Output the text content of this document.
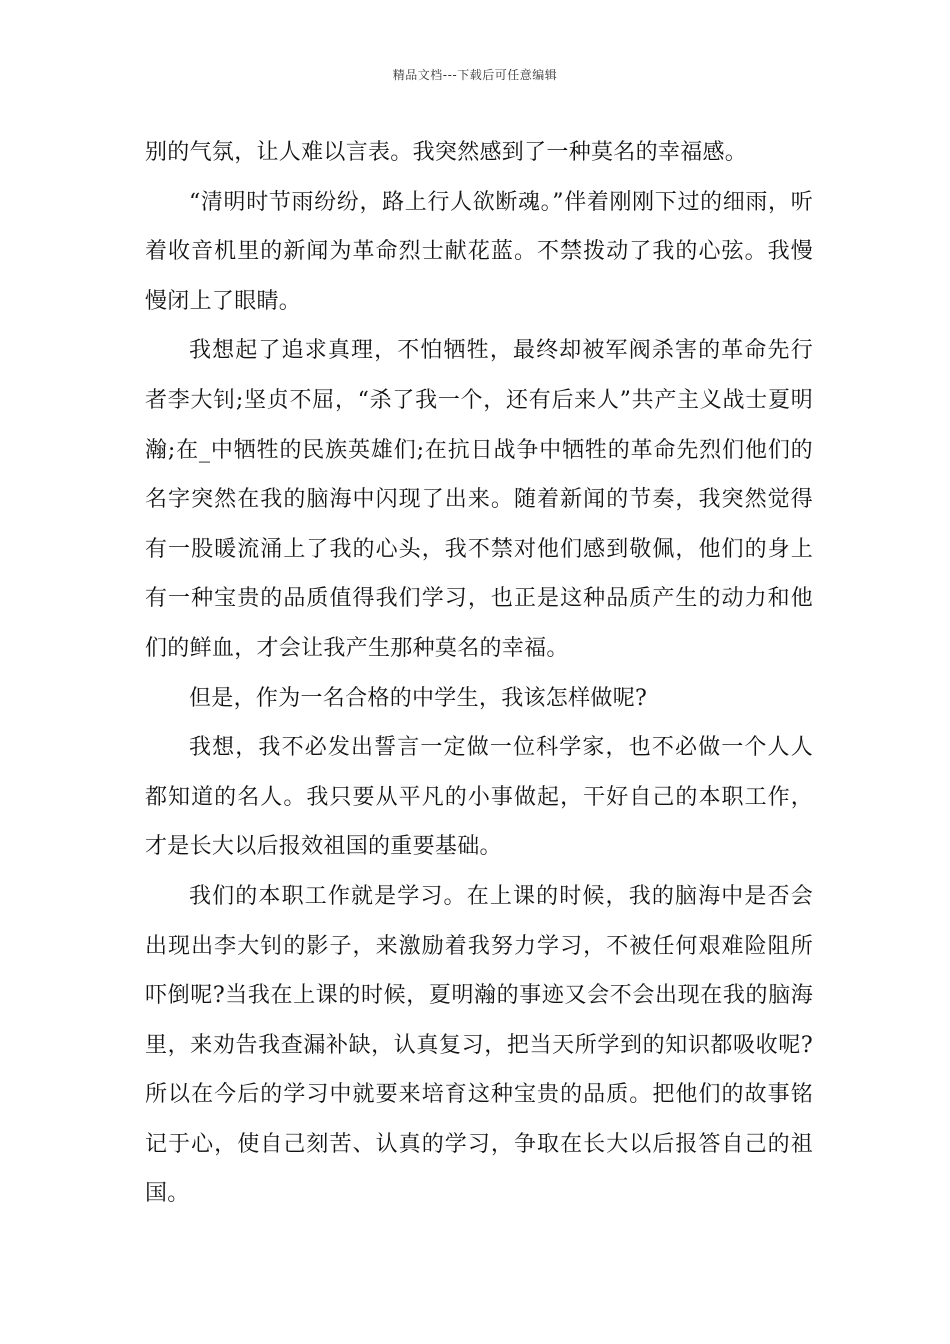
精品文档---下载后可任意编辑

别的气氛，让人难以言表。我突然感到了一种莫名的幸福感。

“清明时节雨纷纷，路上行人欲断魂。”伴着刚刚下过的细雨，听着收音机里的新闻为革命烈士献花蓝。不禁拨动了我的心弦。我慢慢闭上了眼睛。

我想起了追求真理，不怕牺牲，最终却被军阀杀害的革命先行者李大钊;坚贞不屈，“杀了我一个，还有后来人”共产主义战士夏明瀚;在_中牺牲的民族英雄们;在抗日战争中牺牲的革命先烈们他们的名字突然在我的脑海中闪现了出来。随着新闻的节奏，我突然觉得有一股暖流涌上了我的心头，我不禁对他们感到敬佩，他们的身上有一种宝贵的品质值得我们学习，也正是这种品质产生的动力和他们的鲜血，才会让我产生那种莫名的幸福。

但是，作为一名合格的中学生，我该怎样做呢?

我想，我不必发出誓言一定做一位科学家，也不必做一个人人都知道的名人。我只要从平凡的小事做起，干好自己的本职工作，才是长大以后报效祖国的重要基础。

我们的本职工作就是学习。在上课的时候，我的脑海中是否会出现出李大钊的影子，来激励着我努力学习，不被任何艰难险阻所吓倒呢?当我在上课的时候，夏明瀚的事迹又会不会出现在我的脑海里，来劝告我查漏补缺，认真复习，把当天所学到的知识都吸收呢?所以在今后的学习中就要来培育这种宝贵的品质。把他们的故事铭记于心，使自己刻苦、认真的学习，争取在长大以后报答自己的祖国。
